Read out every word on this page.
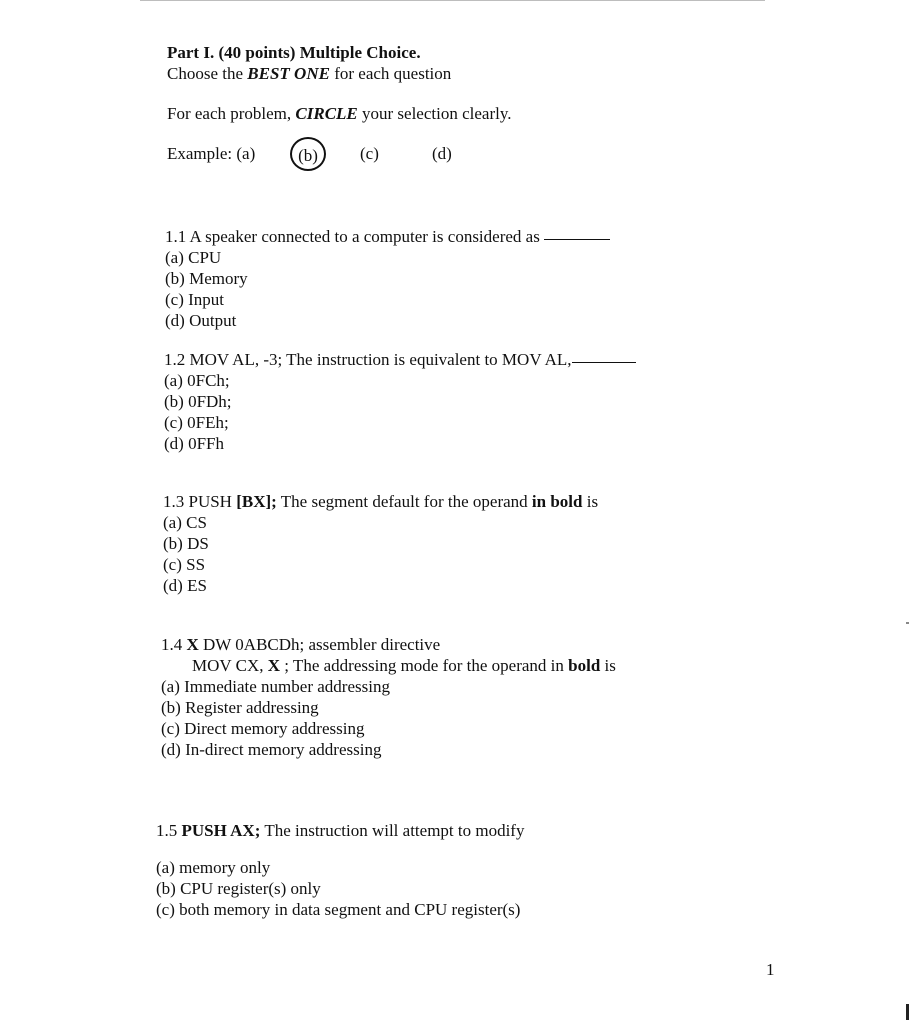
Part I. (40 points) Multiple Choice.
Choose the BEST ONE for each question
For each problem, CIRCLE your selection clearly.
Example: (a)	(b)	(c)	(d)
1.1 A speaker connected to a computer is considered as
(a) CPU
(b) Memory
(c) Input
(d) Output
1.2 MOV AL, -3; The instruction is equivalent to MOV AL,
(a) 0FCh;
(b) 0FDh;
(c) 0FEh;
(d) 0FFh
1.3 PUSH [BX]; The segment default for the operand in bold is
(a) CS
(b) DS
(c) SS
(d) ES
1.4 X DW 0ABCDh; assembler directive
MOV CX, X ; The addressing mode for the operand in bold is
(a) Immediate number addressing
(b) Register addressing
(c) Direct memory addressing
(d) In-direct memory addressing
1.5 PUSH AX; The instruction will attempt to modify
(a) memory only
(b) CPU register(s) only
(c) both memory in data segment and CPU register(s)
1
